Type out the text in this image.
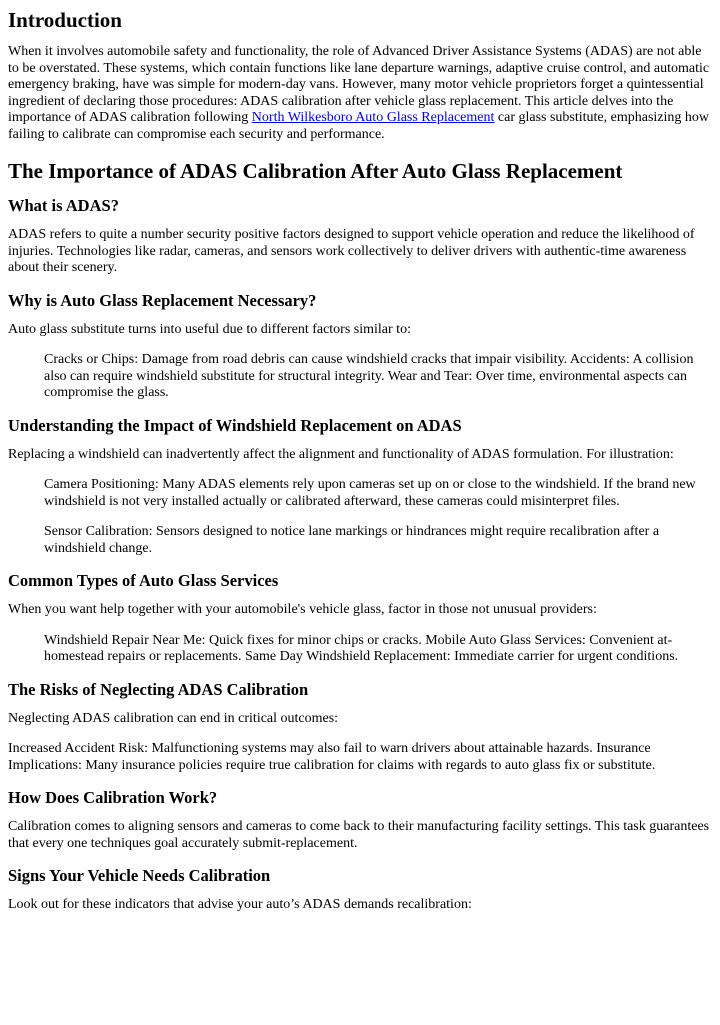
Introduction

When it involves automobile safety and functionality, the role of Advanced Driver Assistance Systems (ADAS) are not able to be overstated. These systems, which contain functions like lane departure warnings, adaptive cruise control, and automatic emergency braking, have was simple for modern-day vans. However, many motor vehicle proprietors forget a quintessential ingredient of declaring those procedures: ADAS calibration after vehicle glass replacement. This article delves into the importance of ADAS calibration following North Wilkesboro Auto Glass Replacement car glass substitute, emphasizing how failing to calibrate can compromise each security and performance.

The Importance of ADAS Calibration After Auto Glass Replacement
What is ADAS?

ADAS refers to quite a number security positive factors designed to support vehicle operation and reduce the likelihood of injuries. Technologies like radar, cameras, and sensors work collectively to deliver drivers with authentic-time awareness about their scenery.

Why is Auto Glass Replacement Necessary?

Auto glass substitute turns into useful due to different factors similar to:

Cracks or Chips: Damage from road debris can cause windshield cracks that impair visibility. Accidents: A collision also can require windshield substitute for structural integrity. Wear and Tear: Over time, environmental aspects can compromise the glass.
Understanding the Impact of Windshield Replacement on ADAS

Replacing a windshield can inadvertently affect the alignment and functionality of ADAS formulation. For illustration:

Camera Positioning: Many ADAS elements rely upon cameras set up on or close to the windshield. If the brand new windshield is not very installed actually or calibrated afterward, these cameras could misinterpret files.
Sensor Calibration: Sensors designed to notice lane markings or hindrances might require recalibration after a windshield change.
Common Types of Auto Glass Services

When you want help together with your automobile's vehicle glass, factor in those not unusual providers:

Windshield Repair Near Me: Quick fixes for minor chips or cracks. Mobile Auto Glass Services: Convenient at-homestead repairs or replacements. Same Day Windshield Replacement: Immediate carrier for urgent conditions.
The Risks of Neglecting ADAS Calibration

Neglecting ADAS calibration can end in critical outcomes:

Increased Accident Risk: Malfunctioning systems may also fail to warn drivers about attainable hazards. Insurance Implications: Many insurance policies require true calibration for claims with regards to auto glass fix or substitute.

How Does Calibration Work?

Calibration comes to aligning sensors and cameras to come back to their manufacturing facility settings. This task guarantees that every one techniques goal accurately submit-replacement.

Signs Your Vehicle Needs Calibration

Look out for these indicators that advise your auto’s ADAS demands recalibration:
